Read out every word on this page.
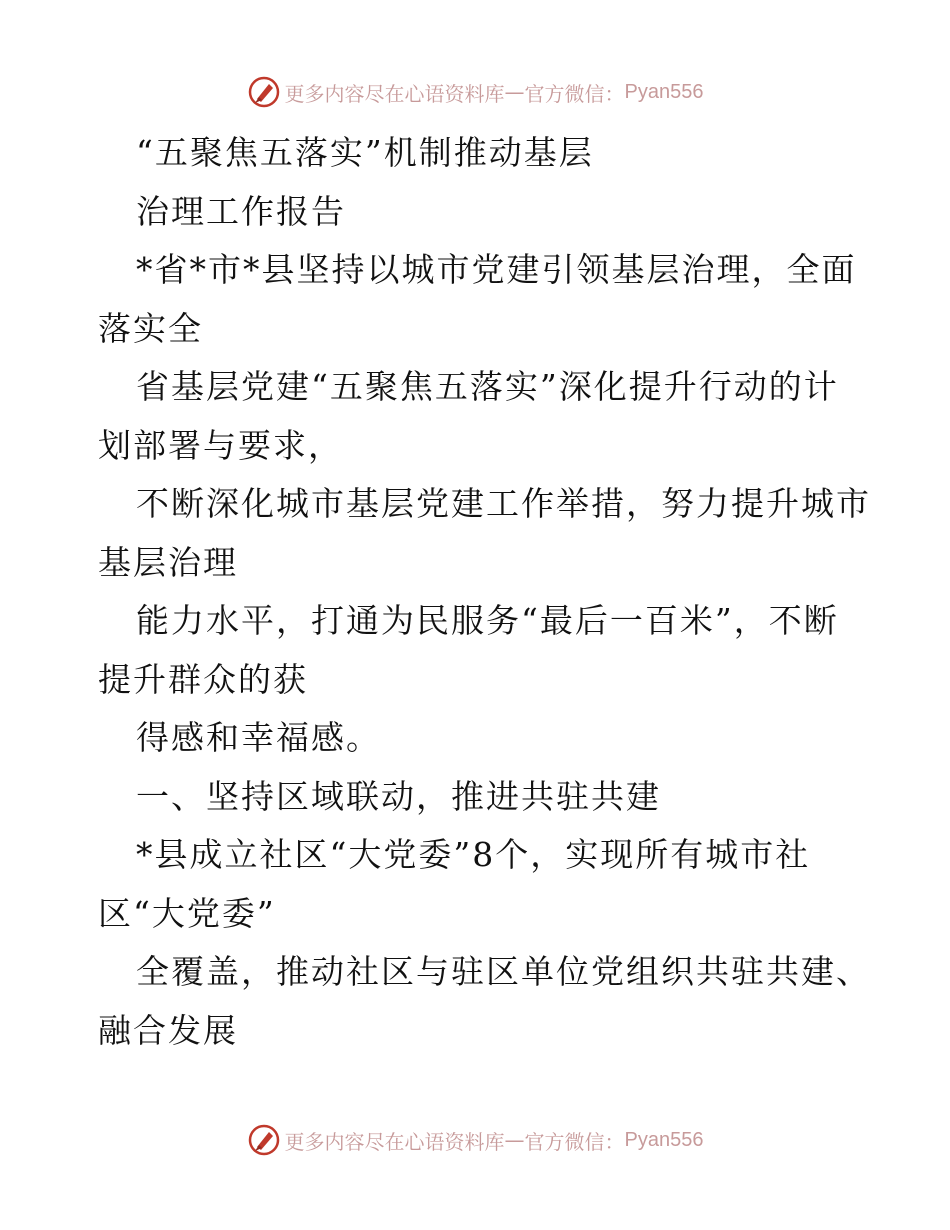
更多内容尽在心语资料库 — 官方微信： Pyan556
“五聚焦五落实”机制推动基层
治理工作报告
*省*市*县坚持以城市党建引领基层治理，全面
落实全
省基层党建“五聚焦五落实”深化提升行动的计
划部署与要求，
不断深化城市基层党建工作举措，努力提升城市
基层治理
能力水平，打通为民服务“最后一百米”，不断
提升群众的获
得感和幸福感。
一、坚持区域联动，推进共驻共建
*县成立社区“大党委”8个，实现所有城市社
区“大党委”
全覆盖，推动社区与驻区单位党组织共驻共建、
融合发展
更多内容尽在心语资料库 — 官方微信： Pyan556
